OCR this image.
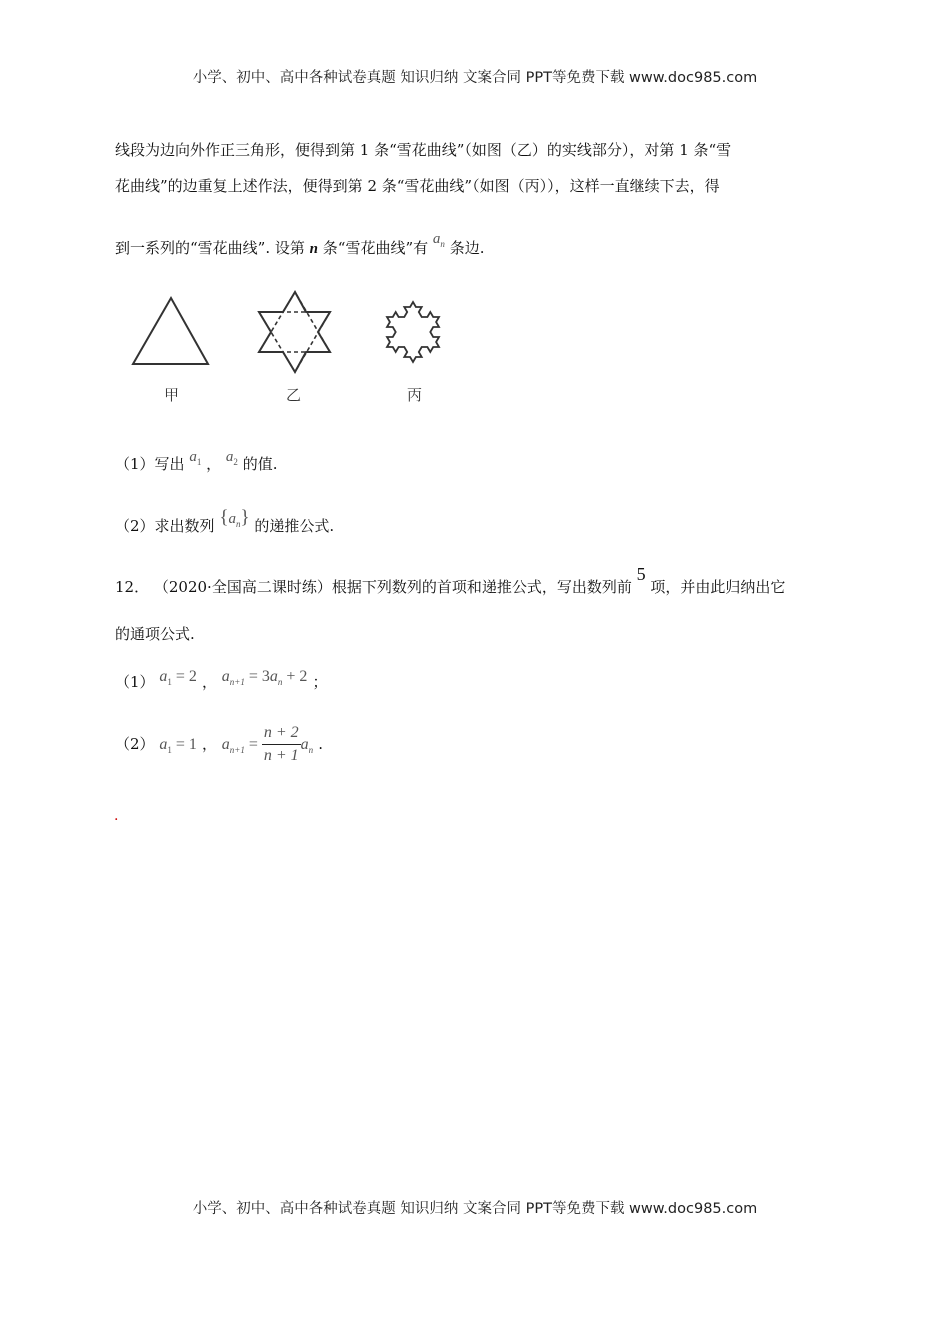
小学、初中、高中各种试卷真题 知识归纳 文案合同 PPT等免费下载 www.doc985.com
线段为边向外作正三角形，便得到第 1 条“雪花曲线”（如图（乙）的实线部分），对第 1 条“雪
花曲线”的边重复上述作法，便得到第 2 条“雪花曲线”（如图（丙）），这样一直继续下去，得
到一系列的“雪花曲线”. 设第 n 条“雪花曲线”有 $a_n$ 条边.
甲	乙	丙
（1）写出 $a_1$ ， $a_2$ 的值.
（2）求出数列 $\{a_n\}$ 的递推公式.
12． （2020·全国高二课时练）根据下列数列的首项和递推公式，写出数列前 5 项，并由此归纳出它
的通项公式.
（1） $a_1 = 2$ ， $a_{n+1} = 3a_n + 2$ ；
（2） $a_1 = 1$ ， $a_{n+1} = \frac{n + 2}{n + 1} a_n$ .
.
小学、初中、高中各种试卷真题 知识归纳 文案合同 PPT等免费下载 www.doc985.com
